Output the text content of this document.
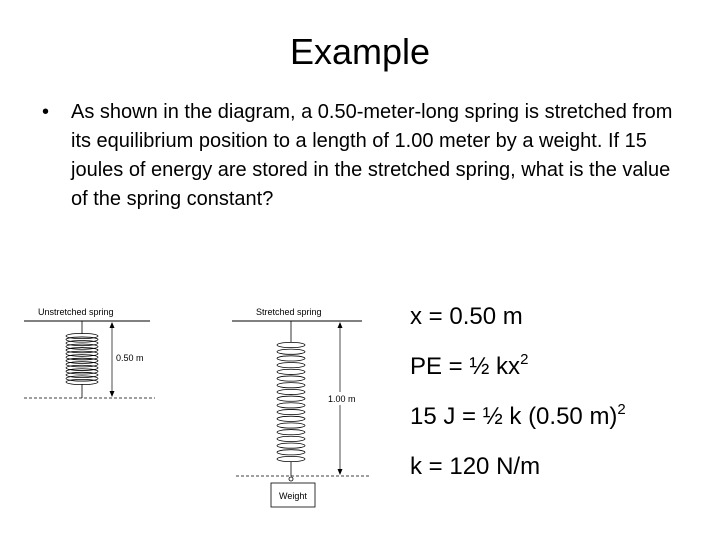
Example
• As shown in the diagram, a 0.50-meter-long spring is stretched from its equilibrium position to a length of 1.00 meter by a weight. If 15 joules of energy are stored in the stretched spring, what is the value of the spring constant?
Unstretched spring
0.50 m
Stretched spring
Weight
1.00 m
x = 0.50 m
PE = ½ $kx^2$
15 J = ½ k (0.50 m)$^2$
k = 120 N/m
